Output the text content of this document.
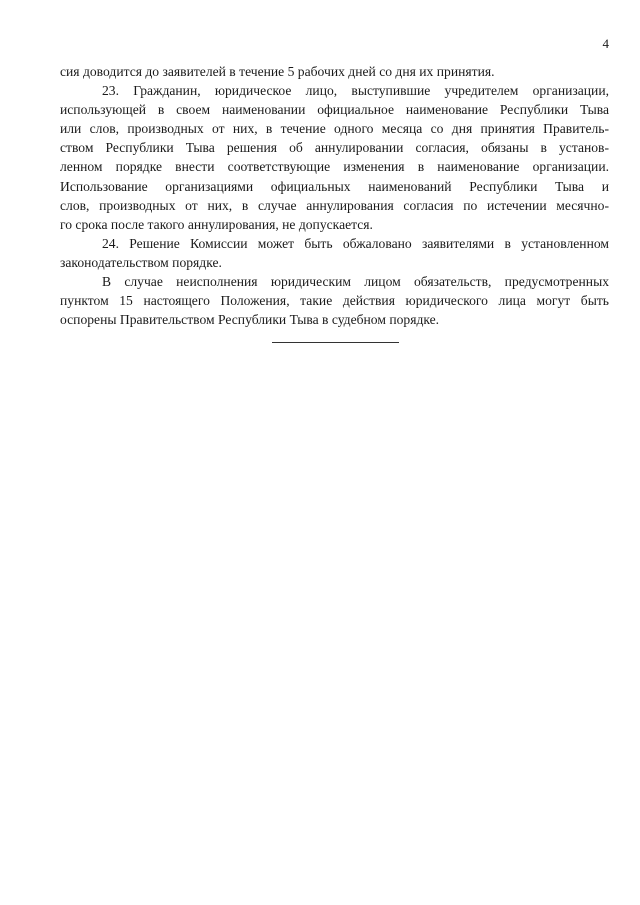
4
сия доводится до заявителей в течение 5 рабочих дней со дня их принятия.
23. Гражданин, юридическое лицо, выступившие учредителем организации,
использующей в своем наименовании официальное наименование Республики Тыва
или слов, производных от них, в течение одного месяца со дня принятия Правитель-
ством Республики Тыва решения об аннулировании согласия, обязаны в установ-
ленном порядке внести соответствующие изменения в наименование организации.
Использование организациями официальных наименований Республики Тыва и
слов, производных от них, в случае аннулирования согласия по истечении месячно-
го срока после такого аннулирования, не допускается.
24. Решение Комиссии может быть обжаловано заявителями в установленном
законодательством порядке.
В случае неисполнения юридическим лицом обязательств, предусмотренных
пунктом 15 настоящего Положения, такие действия юридического лица могут быть
оспорены Правительством Республики Тыва в судебном порядке.
